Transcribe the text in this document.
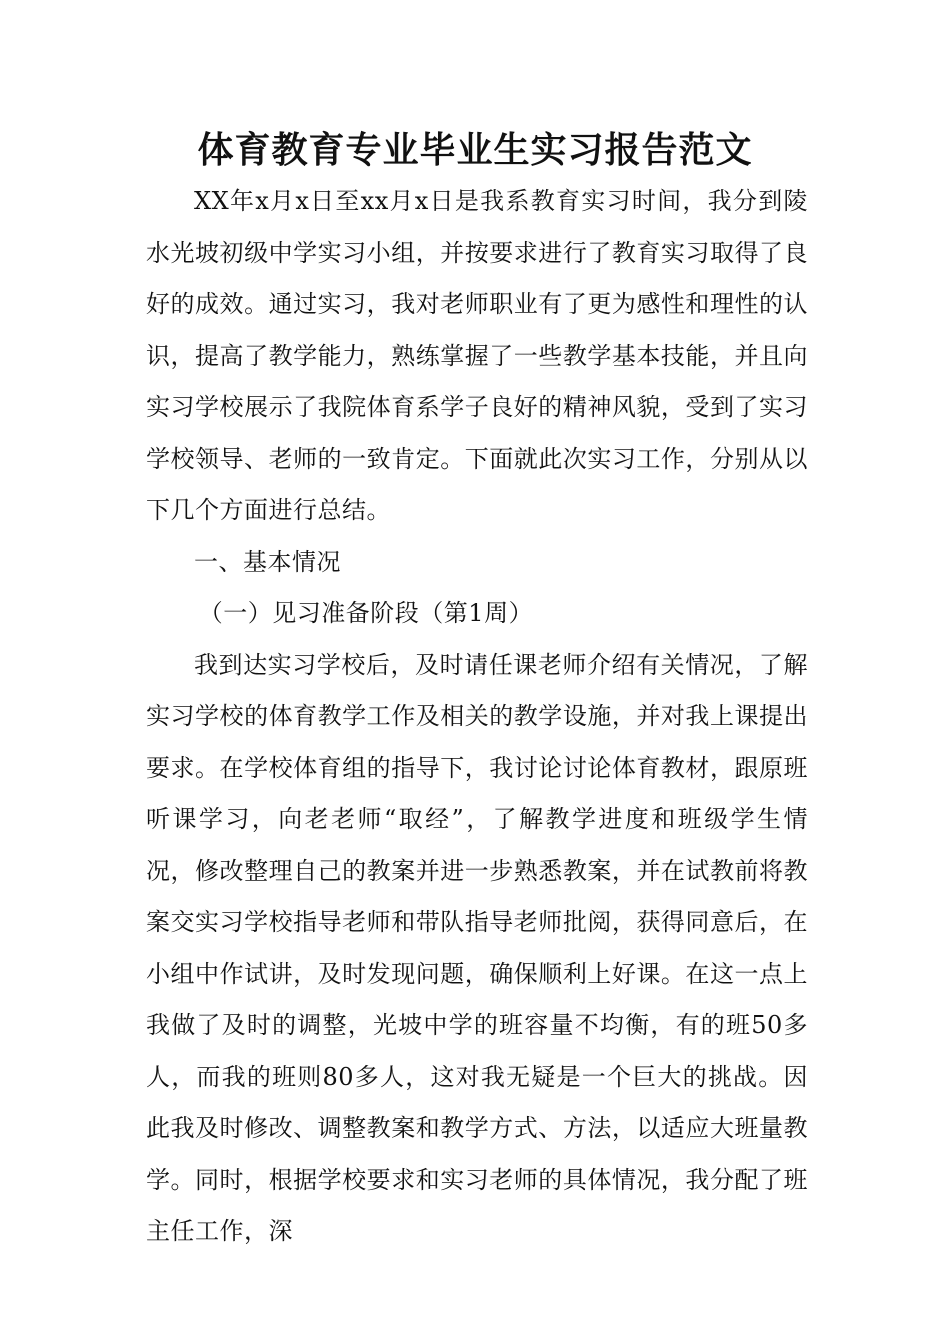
体育教育专业毕业生实习报告范文

XX年x月x日至xx月x日是我系教育实习时间，我分到陵水光坡初级中学实习小组，并按要求进行了教育实习取得了良好的成效。通过实习，我对老师职业有了更为感性和理性的认识，提高了教学能力，熟练掌握了一些教学基本技能，并且向实习学校展示了我院体育系学子良好的精神风貌，受到了实习学校领导、老师的一致肯定。下面就此次实习工作，分别从以下几个方面进行总结。

一、基本情况

（一）见习准备阶段（第1周）

我到达实习学校后，及时请任课老师介绍有关情况，了解实习学校的体育教学工作及相关的教学设施，并对我上课提出要求。在学校体育组的指导下，我讨论讨论体育教材，跟原班听课学习，向老老师“取经”，了解教学进度和班级学生情况，修改整理自己的教案并进一步熟悉教案，并在试教前将教案交实习学校指导老师和带队指导老师批阅，获得同意后，在小组中作试讲，及时发现问题，确保顺利上好课。在这一点上我做了及时的调整，光坡中学的班容量不均衡，有的班50多人，而我的班则80多人，这对我无疑是一个巨大的挑战。因此我及时修改、调整教案和教学方式、方法，以适应大班量教学。同时，根据学校要求和实习老师的具体情况，我分配了班主任工作，深
